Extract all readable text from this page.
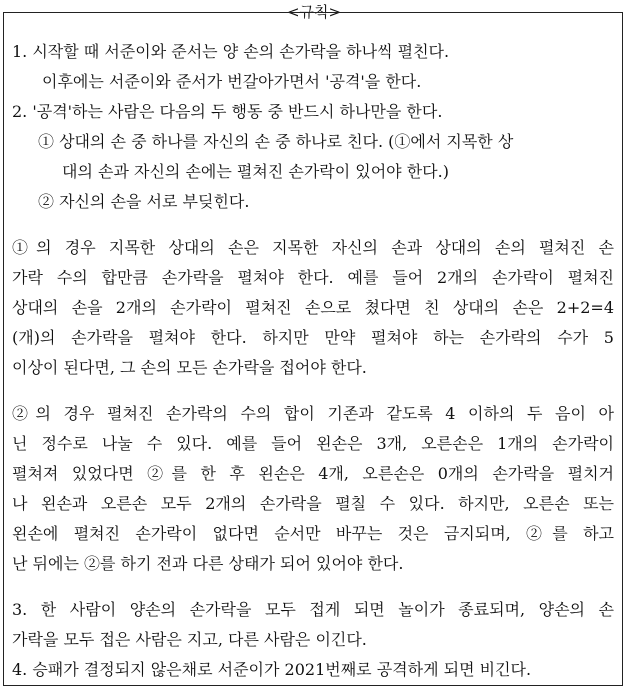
<규칙>
1. 시작할 때 서준이와 준서는 양 손의 손가락을 하나씩 펼친다.
이후에는 서준이와 준서가 번갈아가면서 '공격'을 한다.
2. '공격'하는 사람은 다음의 두 행동 중 반드시 하나만을 한다.
① 상대의 손 중 하나를 자신의 손 중 하나로 친다. (①에서 지목한 상
대의 손과 자신의 손에는 펼쳐진 손가락이 있어야 한다.)
② 자신의 손을 서로 부딪힌다.
①의 경우 지목한 상대의 손은 지목한 자신의 손과 상대의 손의 펼쳐진 손
가락 수의 합만큼 손가락을 펼쳐야 한다. 예를 들어 2개의 손가락이 펼쳐진
상대의 손을 2개의 손가락이 펼쳐진 손으로 쳤다면 친 상대의 손은 2+2=4
(개)의 손가락을 펼쳐야 한다. 하지만 만약 펼쳐야 하는 손가락의 수가 5
이상이 된다면, 그 손의 모든 손가락을 접어야 한다.
②의 경우 펼쳐진 손가락의 수의 합이 기존과 같도록 4 이하의 두 음이 아
닌 정수로 나눌 수 있다. 예를 들어 왼손은 3개, 오른손은 1개의 손가락이
펼쳐져 있었다면 ②를 한 후 왼손은 4개, 오른손은 0개의 손가락을 펼치거
나 왼손과 오른손 모두 2개의 손가락을 펼칠 수 있다. 하지만, 오른손 또는
왼손에 펼쳐진 손가락이 없다면 순서만 바꾸는 것은 금지되며, ②를 하고
난 뒤에는 ②를 하기 전과 다른 상태가 되어 있어야 한다.
3. 한 사람이 양손의 손가락을 모두 접게 되면 놀이가 종료되며, 양손의 손
가락을 모두 접은 사람은 지고, 다른 사람은 이긴다.
4. 승패가 결정되지 않은채로 서준이가 2021번째로 공격하게 되면 비긴다.
